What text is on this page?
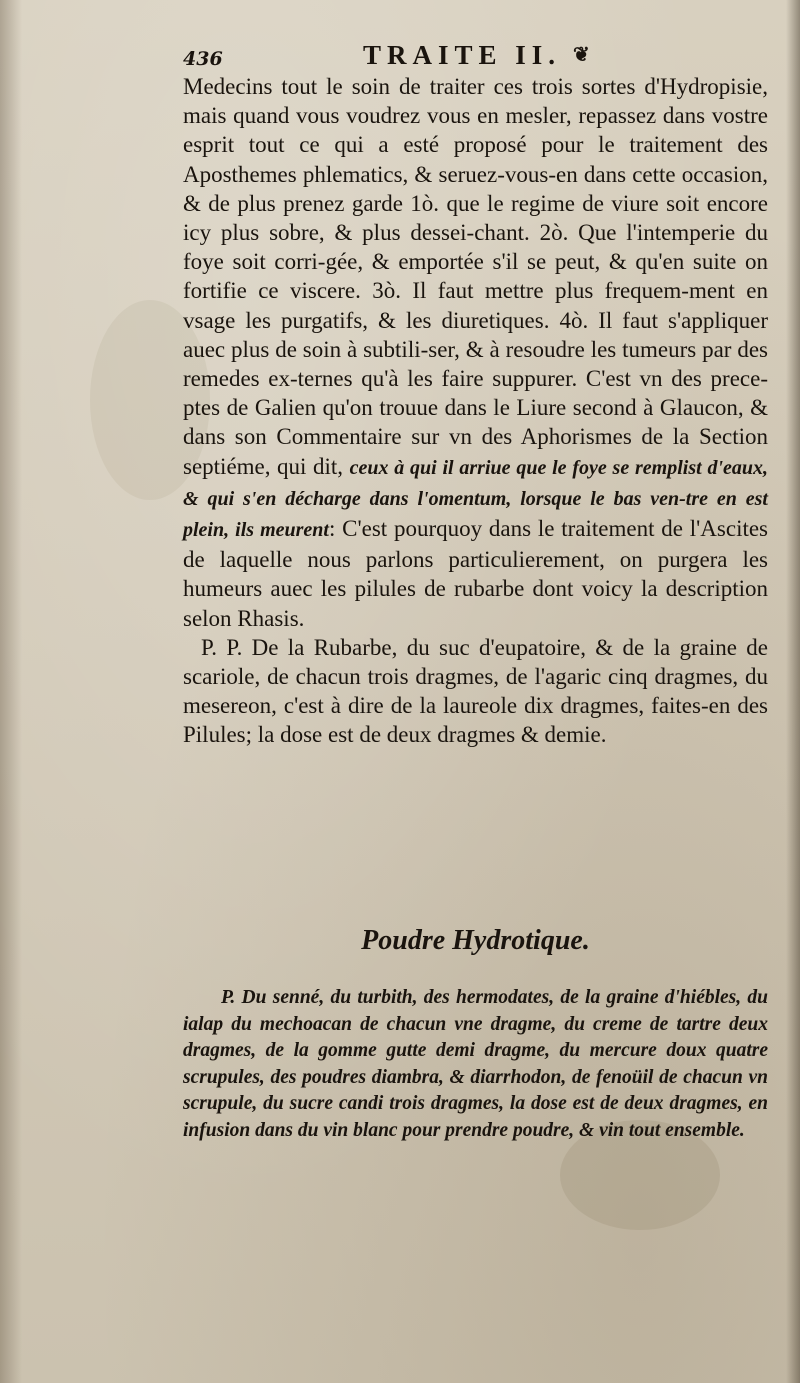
436	❦
TRAITE II.

Medecins tout le soin de traiter ces trois sortes d'Hydropisie, mais quand vous voudrez vous en mesler, repassez dans vostre esprit tout ce qui a esté proposé pour le traitement des Aposthemes phlematics, & seruez-vous-en dans cette occasion, & de plus prenez garde 1ò. que le regime de viure soit encore icy plus sobre, & plus dessei-chant. 2ò. Que l'intemperie du foye soit corri-gée, & emportée s'il se peut, & qu'en suite on fortifie ce viscere. 3ò. Il faut mettre plus frequem-ment en vsage les purgatifs, & les diuretiques. 4ò. Il faut s'appliquer auec plus de soin à subtili-ser, & à resoudre les tumeurs par des remedes ex-ternes qu'à les faire suppurer. C'est vn des prece-ptes de Galien qu'on trouue dans le Liure second à Glaucon, & dans son Commentaire sur vn des Aphorismes de la Section septiéme, qui dit, ceux à qui il arriue que le foye se remplist d'eaux, & qui s'en décharge dans l'omentum, lorsque le bas ven-tre en est plein, ils meurent: C'est pourquoy dans le traitement de l'Ascites de laquelle nous parlons particulierement, on purgera les humeurs auec les pilules de rubarbe dont voicy la description selon Rhasis.

P. P. De la Rubarbe, du suc d'eupatoire, & de la graine de scariole, de chacun trois dragmes, de l'agaric cinq dragmes, du mesereon, c'est à dire de la laureole dix dragmes, faites-en des Pilules; la dose est de deux dragmes & demie.

Poudre Hydrotique.
P. Du senné, du turbith, des hermodates, de la graine d'hiébles, du ialap du mechoacan de chacun vne dragme, du creme de tartre deux dragmes, de la gomme gutte demi dragme, du mercure doux quatre scrupules, des poudres diambra, & diarrhodon, de fenoüil de chacun vn scrupule, du sucre candi trois dragmes, la dose est de deux dragmes, en infusion dans du vin blanc pour prendre poudre, & vin tout ensemble.
